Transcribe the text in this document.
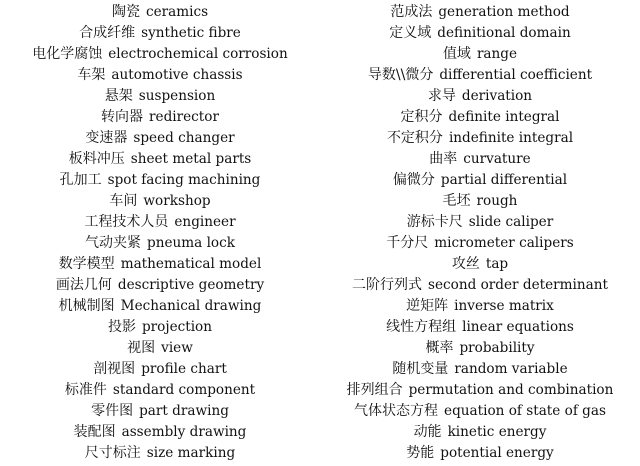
陶瓷 ceramics
合成纤维 synthetic fibre
电化学腐蚀 electrochemical corrosion
车架 automotive chassis
悬架 suspension
转向器 redirector
变速器 speed changer
板料冲压 sheet metal parts
孔加工 spot facing machining
车间 workshop
工程技术人员 engineer
气动夹紧 pneuma lock
数学模型 mathematical model
画法几何 descriptive geometry
机械制图 Mechanical drawing
投影 projection
视图 view
剖视图 profile chart
标准件 standard component
零件图 part drawing
装配图 assembly drawing
尺寸标注 size marking
范成法 generation method
定义域 definitional domain
值域 range
导数\\微分 differential coefficient
求导 derivation
定积分 definite integral
不定积分 indefinite integral
曲率 curvature
偏微分 partial differential
毛坯 rough
游标卡尺 slide caliper
千分尺 micrometer calipers
攻丝 tap
二阶行列式 second order determinant
逆矩阵 inverse matrix
线性方程组 linear equations
概率 probability
随机变量 random variable
排列组合 permutation and combination
气体状态方程 equation of state of gas
动能 kinetic energy
势能 potential energy
